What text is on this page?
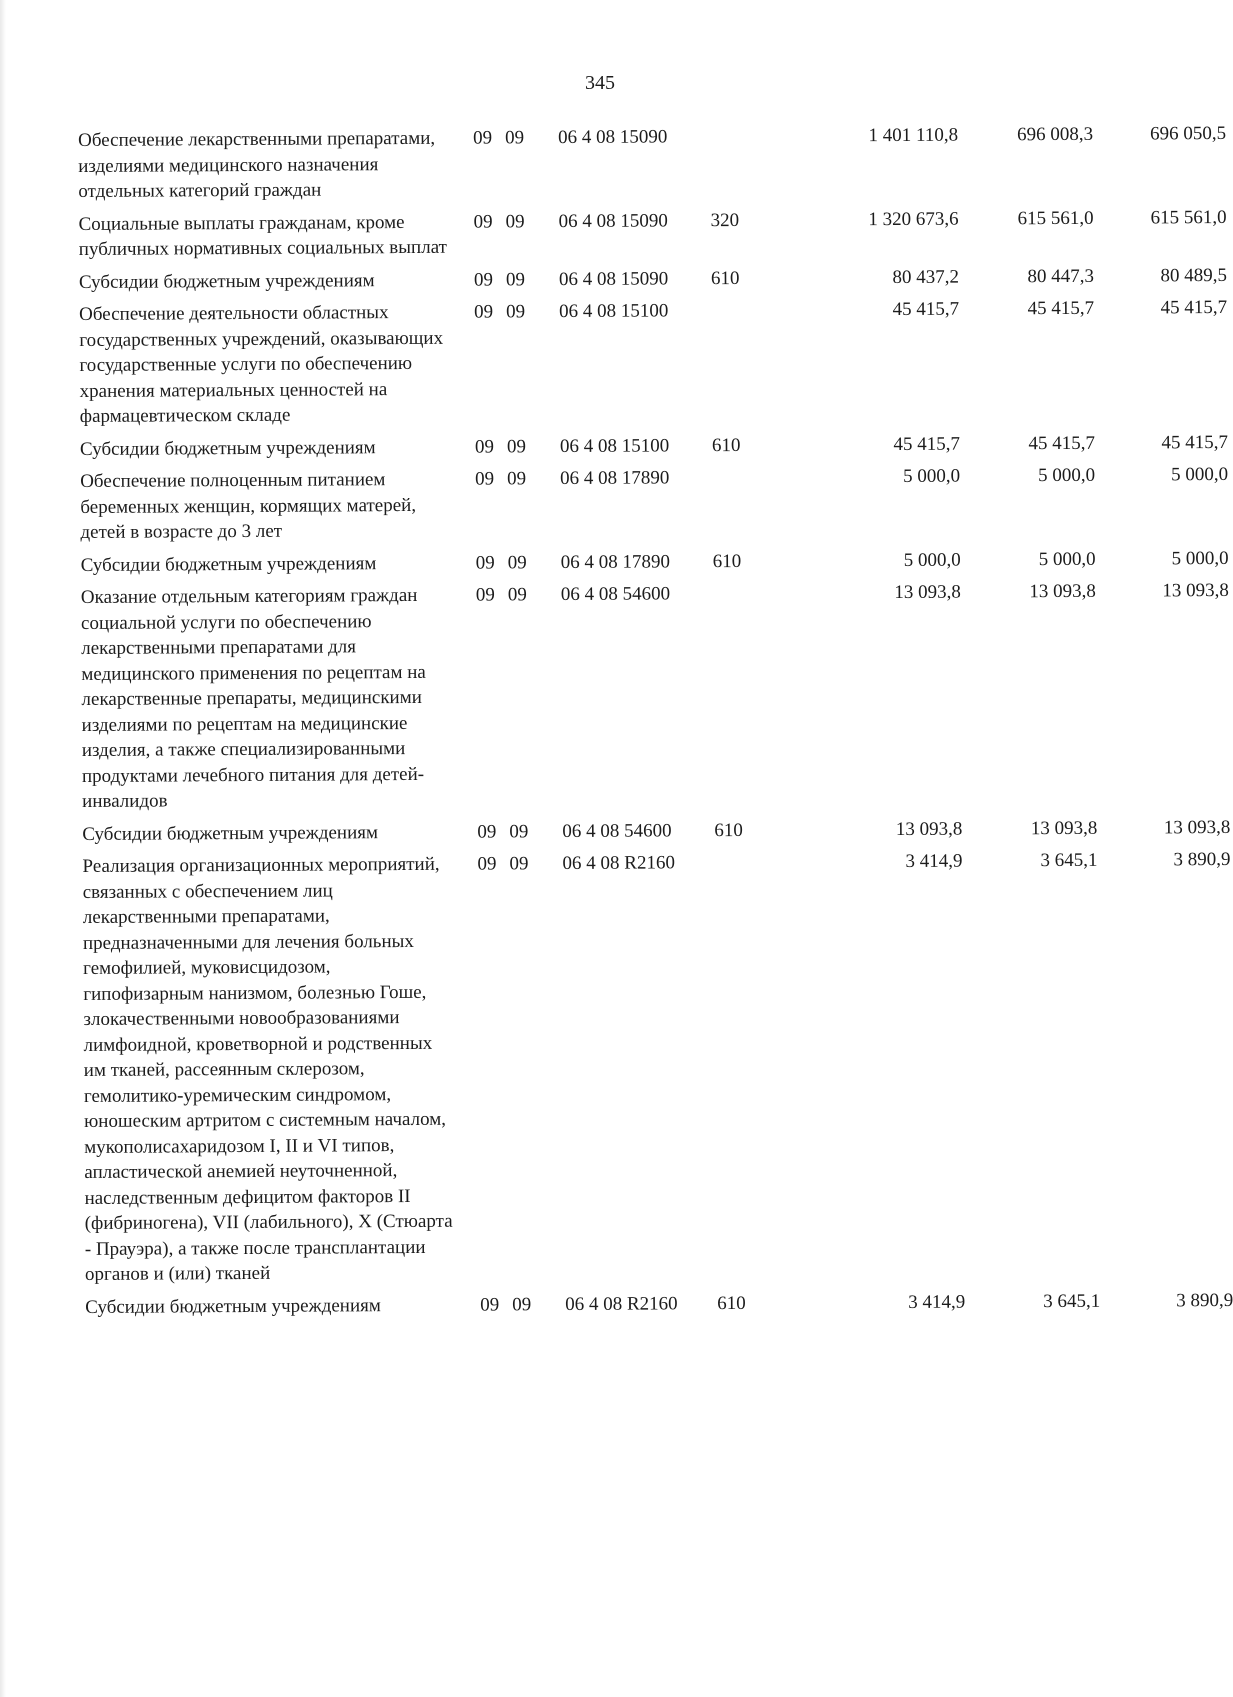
345
Обеспечение лекарственными препаратами, изделиями медицинского назначения отдельных категорий граждан
09 09	06 4 08 15090	1 401 110,8	696 008,3	696 050,5
Социальные выплаты гражданам, кроме публичных нормативных социальных выплат
09 09	06 4 08 15090	320	1 320 673,6	615 561,0	615 561,0
Субсидии бюджетным учреждениям	09 09	06 4 08 15090	610	80 437,2	80 447,3	80 489,5
Обеспечение деятельности областных государственных учреждений, оказывающих государственные услуги по обеспечению хранения материальных ценностей на фармацевтическом складе
09 09	06 4 08 15100	45 415,7	45 415,7	45 415,7
Субсидии бюджетным учреждениям	09 09	06 4 08 15100	610	45 415,7	45 415,7	45 415,7
Обеспечение полноценным питанием беременных женщин, кормящих матерей, детей в возрасте до 3 лет
09 09	06 4 08 17890	5 000,0	5 000,0	5 000,0
Субсидии бюджетным учреждениям	09 09	06 4 08 17890	610	5 000,0	5 000,0	5 000,0
Оказание отдельным категориям граждан социальной услуги по обеспечению лекарственными препаратами для медицинского применения по рецептам на лекарственные препараты, медицинскими изделиями по рецептам на медицинские изделия, а также специализированными продуктами лечебного питания для детей-инвалидов
09 09	06 4 08 54600	13 093,8	13 093,8	13 093,8
Субсидии бюджетным учреждениям	09 09	06 4 08 54600	610	13 093,8	13 093,8	13 093,8
Реализация организационных мероприятий, связанных с обеспечением лиц лекарственными препаратами, предназначенными для лечения больных гемофилией, муковисцидозом, гипофизарным нанизмом, болезнью Гоше, злокачественными новообразованиями лимфоидной, кроветворной и родственных им тканей, рассеянным склерозом, гемолитико-уремическим синдромом, юношеским артритом с системным началом, мукополисахаридозом I, II и VI типов, апластической анемией неуточненной, наследственным дефицитом факторов II (фибриногена), VII (лабильного), X (Стюарта - Прауэра), а также после трансплантации органов и (или) тканей
09 09	06 4 08 R2160	3 414,9	3 645,1	3 890,9
Субсидии бюджетным учреждениям	09 09	06 4 08 R2160	610	3 414,9	3 645,1	3 890,9
